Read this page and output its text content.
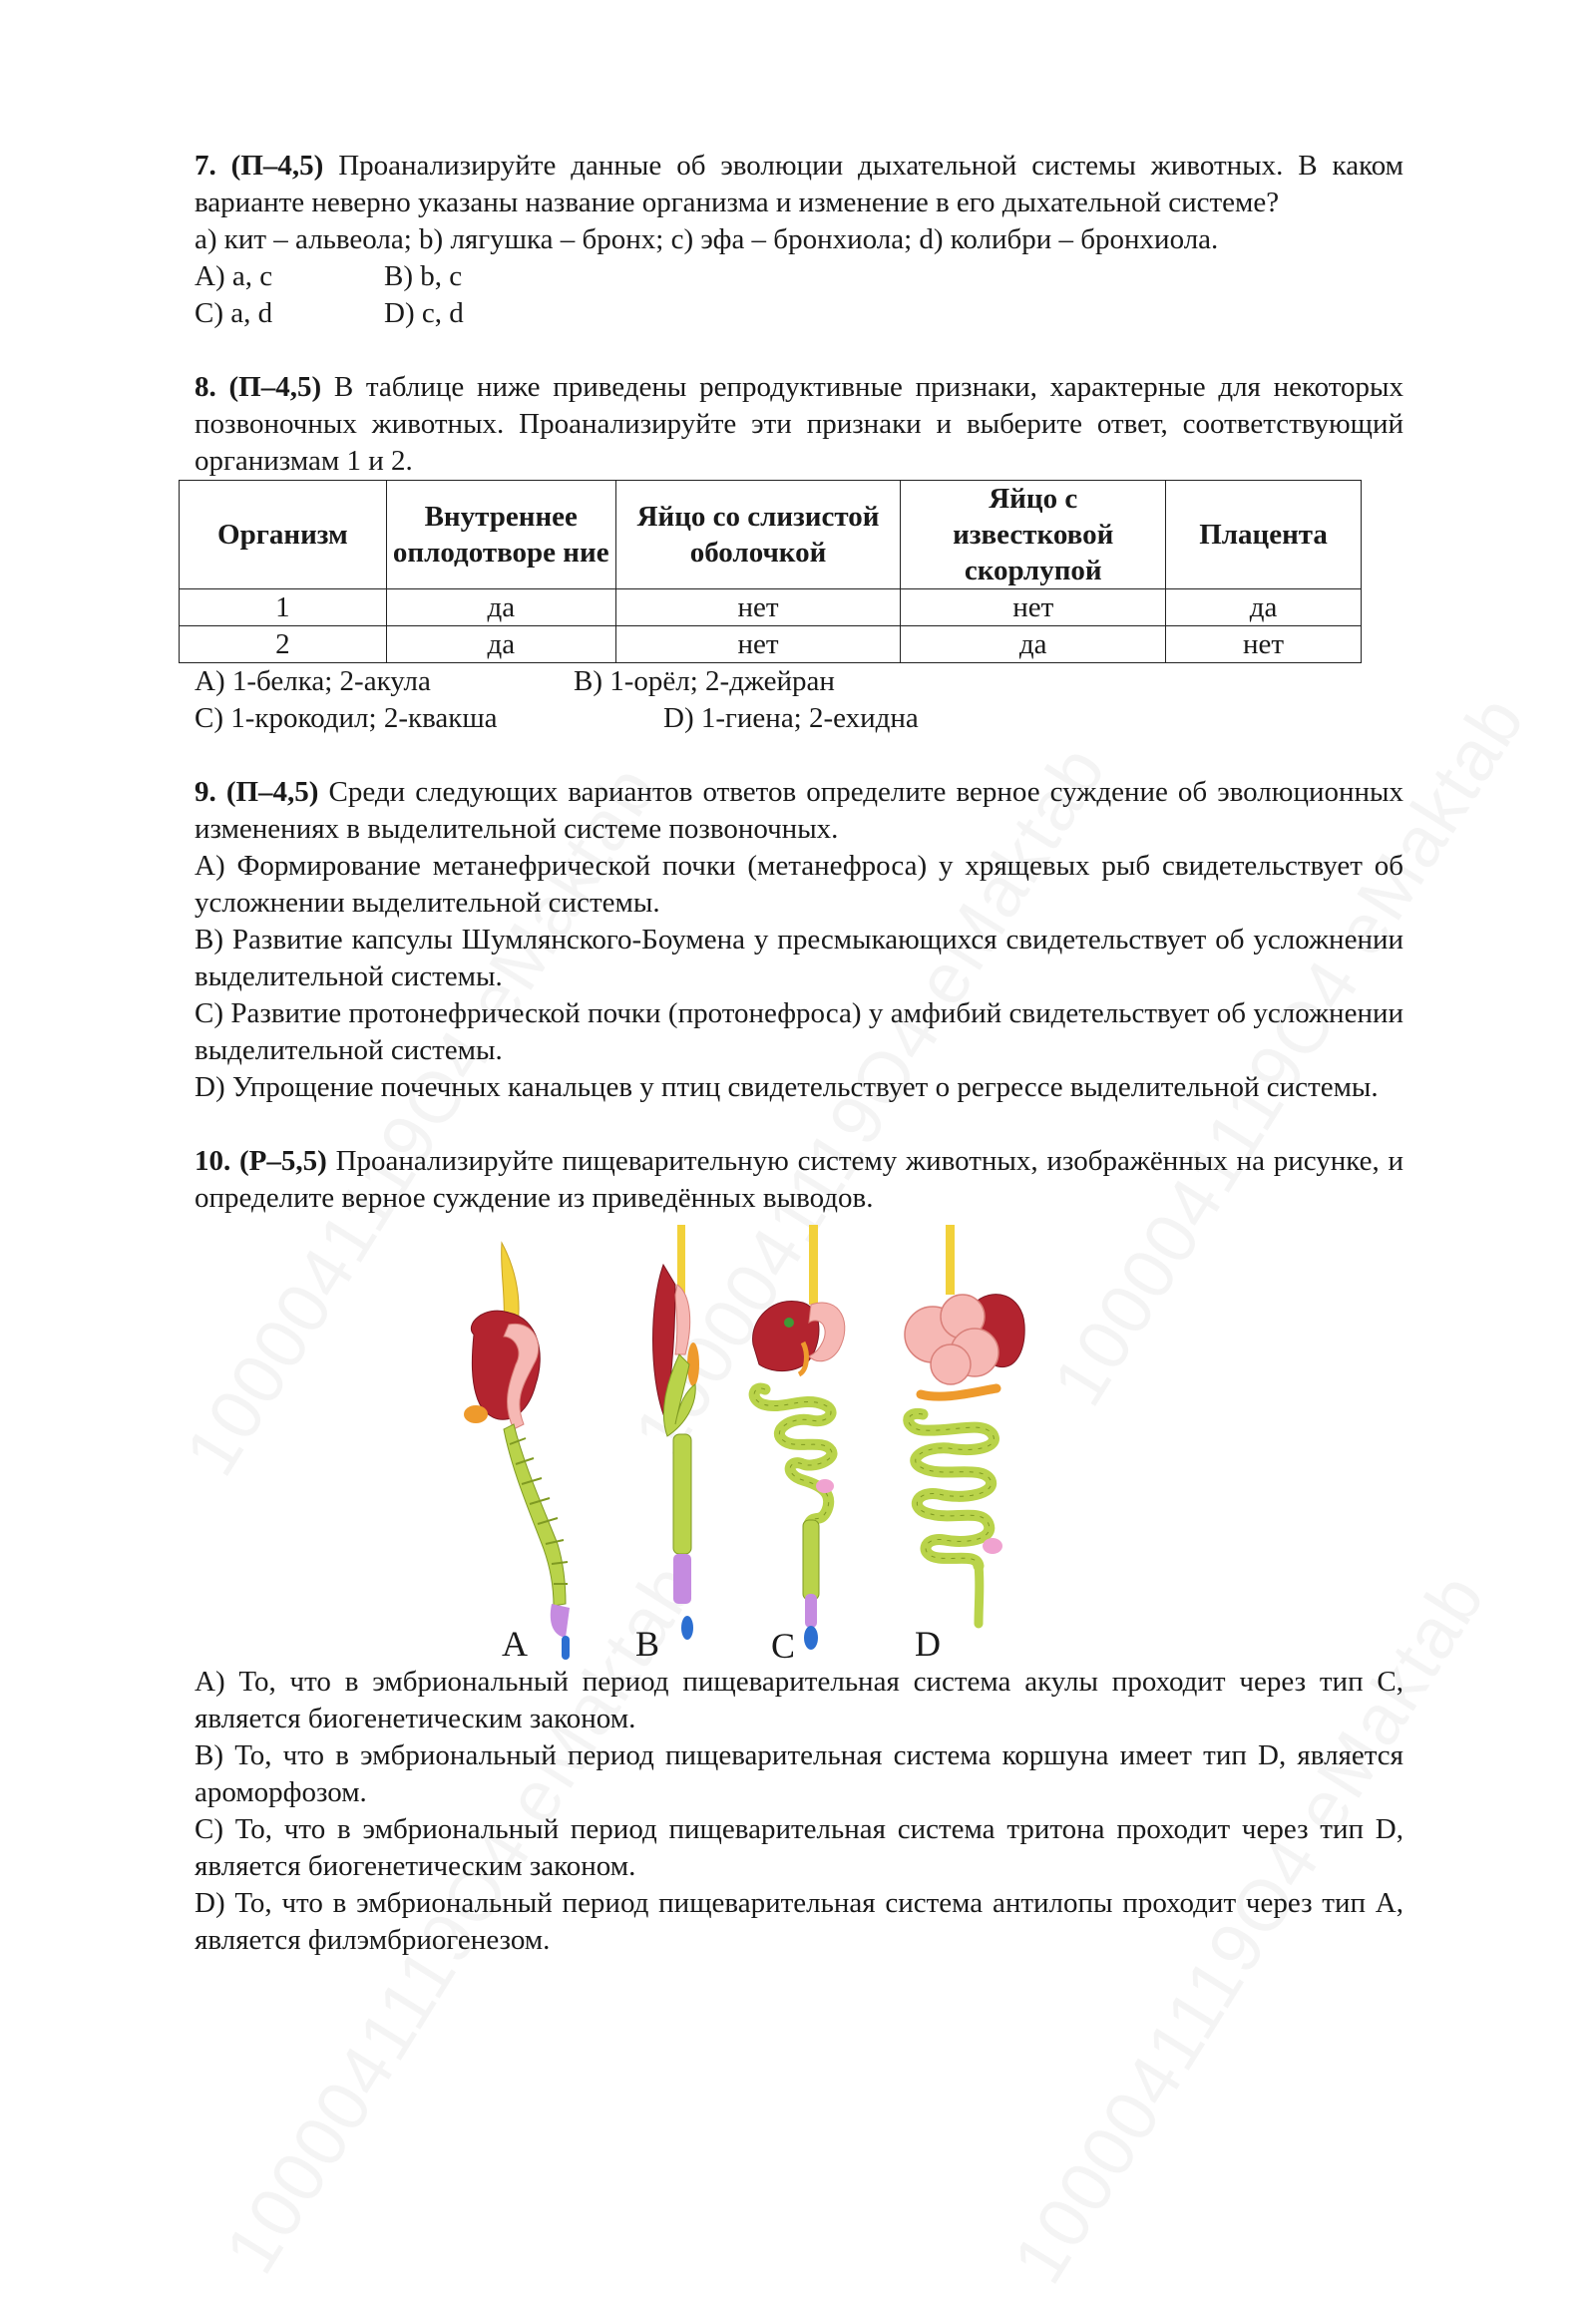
7. (П–4,5) Проанализируйте данные об эволюции дыхательной системы животных. В каком варианте неверно указаны название организма и изменение в его дыхательной системе?

a) кит – альвеола; b) лягушка – бронх; c) эфа – бронхиола; d) колибри – бронхиола.

A) a, c	B) b, c
C) a, d	D) c, d

8. (П–4,5) В таблице ниже приведены репродуктивные признаки, характерные для некоторых позвоночных животных. Проанализируйте эти признаки и выберите ответ, соответствующий организмам 1 и 2.

Организм	Внутреннее оплодотворе ние	Яйцо со слизистой оболочкой	Яйцо с известковой скорлупой	Плацента
1	да	нет	нет	да
2	да	нет	да	нет
A) 1-белка; 2-акула	B) 1-орёл; 2-джейран
C) 1-крокодил; 2-квакша	D) 1-гиена; 2-ехидна

9. (П–4,5) Среди следующих вариантов ответов определите верное суждение об эволюционных изменениях в выделительной системе позвоночных.

A) Формирование метанефрической почки (метанефроса) у хрящевых рыб свидетельствует об усложнении выделительной системы.

B) Развитие капсулы Шумлянского-Боумена у пресмыкающихся свидетельствует об усложнении выделительной системы.

C) Развитие протонефрической почки (протонефроса) у амфибий свидетельствует об усложнении выделительной системы.

D) Упрощение почечных канальцев у птиц свидетельствует о регрессе выделительной системы.

10. (Р–5,5) Проанализируйте пищеварительную систему животных, изображённых на рисунке, и определите верное суждение из приведённых выводов.

A	B	C	D

A) То, что в эмбриональный период пищеварительная система акулы проходит через тип C, является биогенетическим законом.

B) То, что в эмбриональный период пищеварительная система коршуна имеет тип D, является ароморфозом.

C) То, что в эмбриональный период пищеварительная система тритона проходит через тип D, является биогенетическим законом.

D) То, что в эмбриональный период пищеварительная система антилопы проходит через тип A, является филэмбриогенезом.
